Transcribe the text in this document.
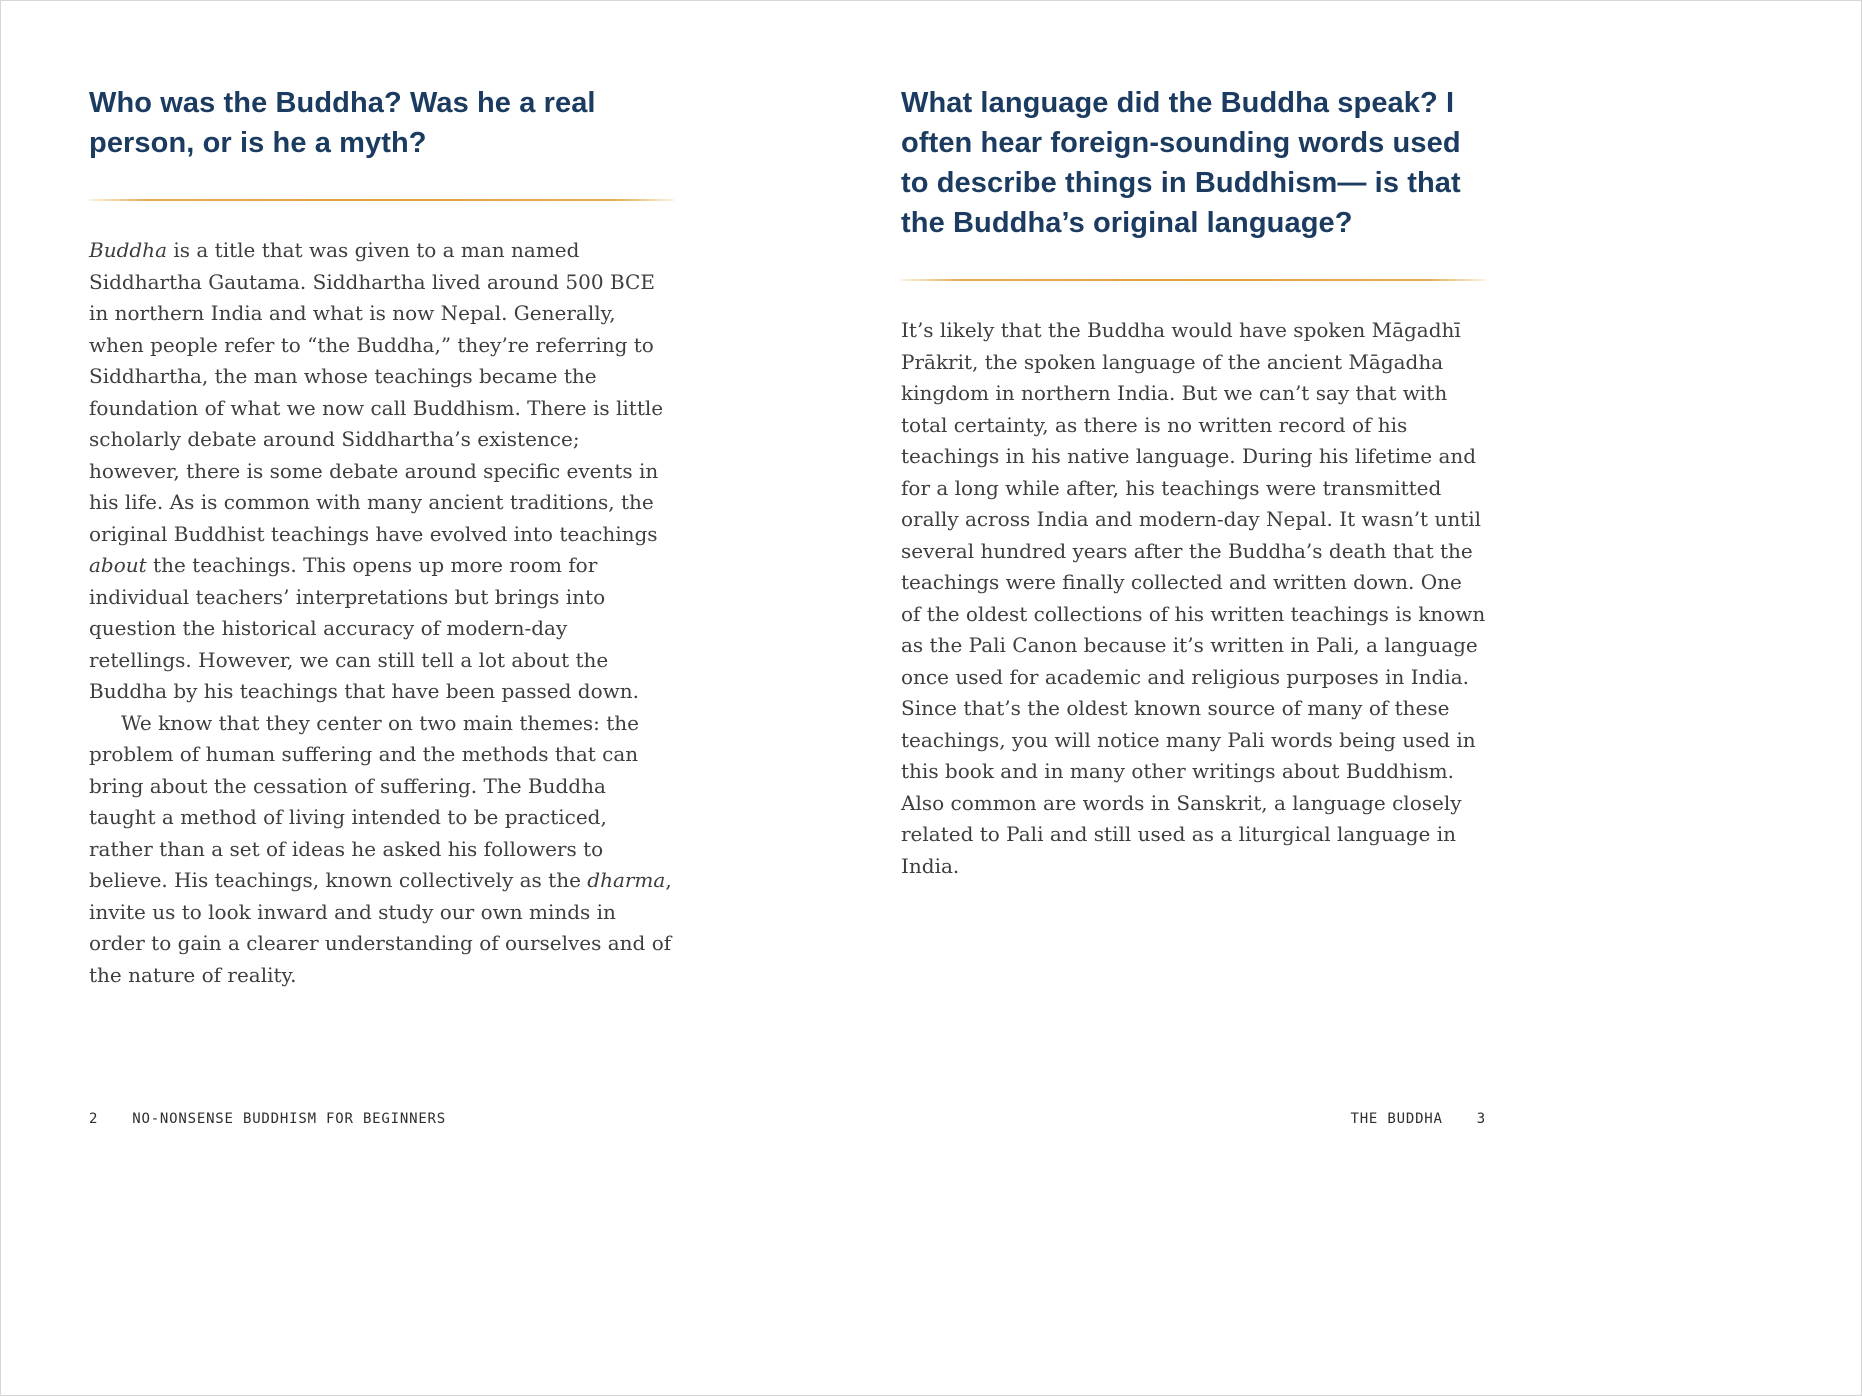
Who was the Buddha? Was he a real person, or is he a myth?

Buddha is a title that was given to a man named Siddhartha Gautama. Siddhartha lived around 500 BCE in northern India and what is now Nepal. Generally, when people refer to “the Buddha,” they’re referring to Siddhartha, the man whose teachings became the foundation of what we now call Buddhism. There is little scholarly debate around Siddhartha’s existence; however, there is some debate around specific events in his life. As is common with many ancient traditions, the original Buddhist teachings have evolved into teachings about the teachings. This opens up more room for individual teachers’ interpretations but brings into question the historical accuracy of modern-day retellings. However, we can still tell a lot about the Buddha by his teachings that have been passed down.

We know that they center on two main themes: the problem of human suffering and the methods that can bring about the cessation of suffering. The Buddha taught a method of living intended to be practiced, rather than a set of ideas he asked his followers to believe. His teachings, known collectively as the dharma, invite us to look inward and study our own minds in order to gain a clearer understanding of ourselves and of the nature of reality.

What language did the Buddha speak? I often hear foreign-sounding words used to describe things in Buddhism— is that the Buddha’s original language?

It’s likely that the Buddha would have spoken Māgadhī Prākrit, the spoken language of the ancient Māgadha kingdom in northern India. But we can’t say that with total certainty, as there is no written record of his teachings in his native language. During his lifetime and for a long while after, his teachings were transmitted orally across India and modern-day Nepal. It wasn’t until several hundred years after the Buddha’s death that the teachings were finally collected and written down. One of the oldest collections of his written teachings is known as the Pali Canon because it’s written in Pali, a language once used for academic and religious purposes in India. Since that’s the oldest known source of many of these teachings, you will notice many Pali words being used in this book and in many other writings about Buddhism. Also common are words in Sanskrit, a language closely related to Pali and still used as a liturgical language in India.

2 NO-NONSENSE BUDDHISM FOR BEGINNERS	THE BUDDHA 3
